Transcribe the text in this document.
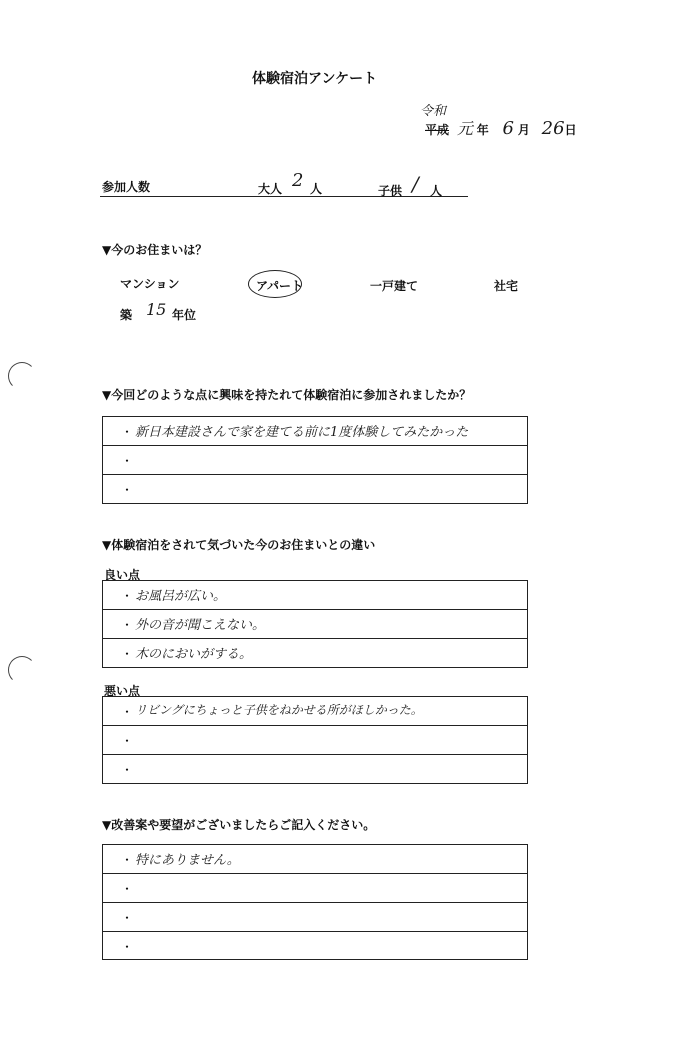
体験宿泊アンケート
令和
平成 元 年 6 月 26日
参加人数	大人 2 人	子供 / 人
▼今のお住まいは？
マンション	アパート	一戸建て	社宅
築 15 年位
▼今回どのような点に興味を持たれて体験宿泊に参加されましたか？
・ 新日本建設さんで家を建てる前に1度体験してみたかった
・
・
▼体験宿泊をされて気づいた今のお住まいとの違い
良い点
・ お風呂が広い。
・ 外の音が聞こえない。
・ 木のにおいがする。
悪い点
・ リビングにちょっと子供をねかせる所がほしかった。
・
・
▼改善案や要望がございましたらご記入ください。
・ 特にありません。
・
・
・
